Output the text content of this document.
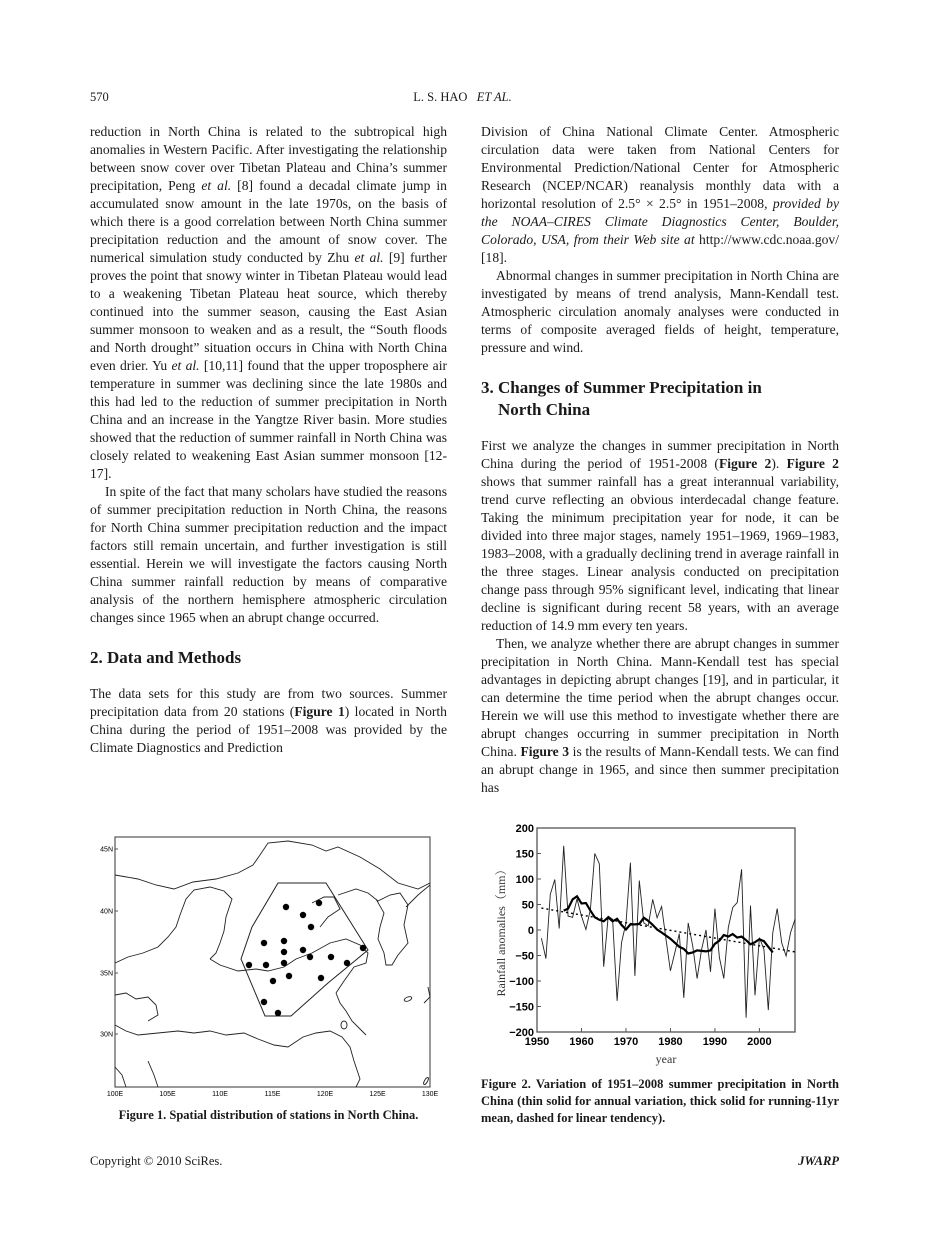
570	L. S. HAO ET AL.

reduction in North China is related to the subtropical high anomalies in Western Pacific. After investigating the relationship between snow cover over Tibetan Plateau and China’s summer precipitation, Peng et al. [8] found a decadal climate jump in accumulated snow amount in the late 1970s, on the basis of which there is a good correlation between North China summer precipitation reduction and the amount of snow cover. The numerical simulation study conducted by Zhu et al. [9] further proves the point that snowy winter in Tibetan Plateau would lead to a weakening Tibetan Plateau heat source, which thereby continued into the summer season, causing the East Asian summer monsoon to weaken and as a result, the “South floods and North drought” situation occurs in China with North China even drier. Yu et al. [10,11] found that the upper troposphere air temperature in summer was declining since the late 1980s and this had led to the reduction of summer precipitation in North China and an increase in the Yangtze River basin. More studies showed that the reduction of summer rainfall in North China was closely related to weakening East Asian summer monsoon [12-17].

In spite of the fact that many scholars have studied the reasons of summer precipitation reduction in North China, the reasons for North China summer precipitation reduction and the impact factors still remain uncertain, and further investigation is still essential. Herein we will investigate the factors causing North China summer rainfall reduction by means of comparative analysis of the northern hemisphere atmospheric circulation changes since 1965 when an abrupt change occurred.

2. Data and Methods

The data sets for this study are from two sources. Summer precipitation data from 20 stations (Figure 1) located in North China during the period of 1951–2008 was provided by the Climate Diagnostics and Prediction

Division of China National Climate Center. Atmospheric circulation data were taken from National Centers for Environmental Prediction/National Center for Atmospheric Research (NCEP/NCAR) reanalysis monthly data with a horizontal resolution of 2.5° × 2.5° in 1951–2008, provided by the NOAA–CIRES Climate Diagnostics Center, Boulder, Colorado, USA, from their Web site at http://www.cdc.noaa.gov/ [18].

Abnormal changes in summer precipitation in North China are investigated by means of trend analysis, Mann-Kendall test. Atmospheric circulation anomaly analyses were conducted in terms of composite averaged fields of height, temperature, pressure and wind.

3. Changes of Summer Precipitation in
North China

First we analyze the changes in summer precipitation in North China during the period of 1951-2008 (Figure 2). Figure 2 shows that summer rainfall has a great interannual variability, trend curve reflecting an obvious interdecadal change feature. Taking the minimum precipitation year for node, it can be divided into three major stages, namely 1951–1969, 1969–1983, 1983–2008, with a gradually declining trend in average rainfall in the three stages. Linear analysis conducted on precipitation change pass through 95% significant level, indicating that linear decline is significant during recent 58 years, with an average reduction of 14.9 mm every ten years.

Then, we analyze whether there are abrupt changes in summer precipitation in North China. Mann-Kendall test has special advantages in depicting abrupt changes [19], and in particular, it can determine the time period when the abrupt changes occur. Herein we will use this method to investigate whether there are abrupt changes occurring in summer precipitation in North China. Figure 3 is the results of Mann-Kendall tests. We can find an abrupt change in 1965, and since then summer precipitation has

45N
40N
35N
30N
100E	105E	110E	115E	120E	125E	130E
Figure 1. Spatial distribution of stations in North China.
200
150
100
50
0
−50
−100
−150
−200
1950 1960 1970 1980 1990 2000
Rainfall anomalies（mm）
year
Figure 2. Variation of 1951–2008 summer precipitation in North China (thin solid for annual variation, thick solid for running-11yr mean, dashed for linear tendency).
Copyright © 2010 SciRes.	JWARP
